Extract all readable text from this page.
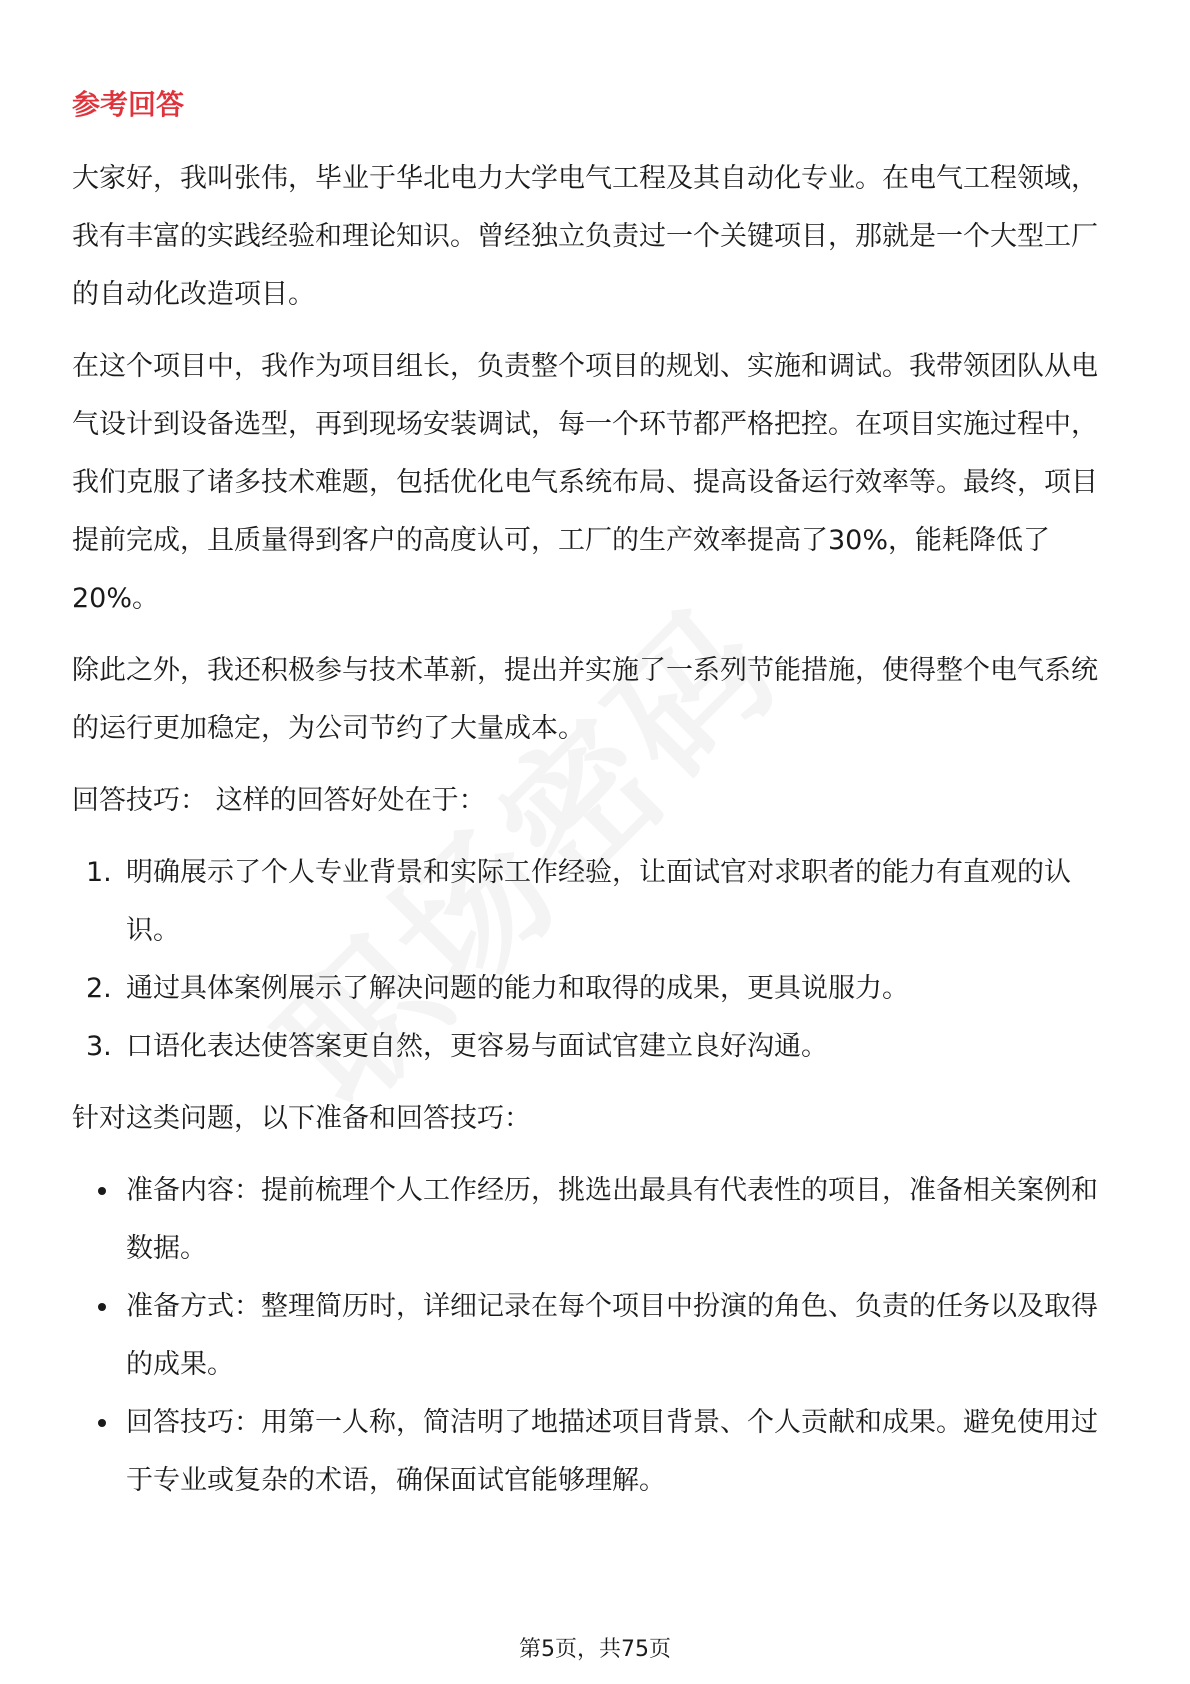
参考回答

大家好，我叫张伟，毕业于华北电力大学电气工程及其自动化专业。在电气工程领域，我有丰富的实践经验和理论知识。曾经独立负责过一个关键项目，那就是一个大型工厂的自动化改造项目。

在这个项目中，我作为项目组长，负责整个项目的规划、实施和调试。我带领团队从电气设计到设备选型，再到现场安装调试，每一个环节都严格把控。在项目实施过程中，我们克服了诸多技术难题，包括优化电气系统布局、提高设备运行效率等。最终，项目提前完成，且质量得到客户的高度认可，工厂的生产效率提高了30%，能耗降低了20%。

除此之外，我还积极参与技术革新，提出并实施了一系列节能措施，使得整个电气系统的运行更加稳定，为公司节约了大量成本。

回答技巧： 这样的回答好处在于：

1. 明确展示了个人专业背景和实际工作经验，让面试官对求职者的能力有直观的认识。
2. 通过具体案例展示了解决问题的能力和取得的成果，更具说服力。
3. 口语化表达使答案更自然，更容易与面试官建立良好沟通。

针对这类问题，以下准备和回答技巧：

准备内容：提前梳理个人工作经历，挑选出最具有代表性的项目，准备相关案例和数据。
准备方式：整理简历时，详细记录在每个项目中扮演的角色、负责的任务以及取得的成果。
回答技巧：用第一人称，简洁明了地描述项目背景、个人贡献和成果。避免使用过于专业或复杂的术语，确保面试官能够理解。
第5页，共75页
